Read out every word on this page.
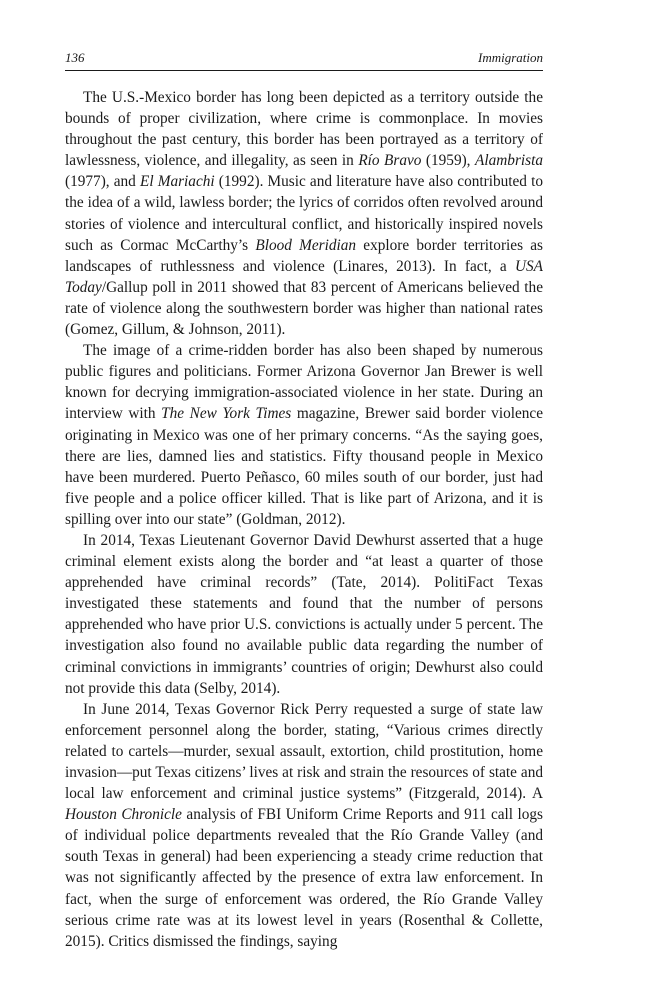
136	Immigration

The U.S.-Mexico border has long been depicted as a territory outside the bounds of proper civilization, where crime is commonplace. In movies throughout the past century, this border has been portrayed as a territory of lawlessness, violence, and illegality, as seen in Río Bravo (1959), Alambrista (1977), and El Mariachi (1992). Music and literature have also contributed to the idea of a wild, lawless border; the lyrics of corridos often revolved around stories of violence and intercultural conflict, and historically inspired novels such as Cormac McCarthy’s Blood Meridian explore border territories as landscapes of ruthlessness and violence (Linares, 2013). In fact, a USA Today/Gallup poll in 2011 showed that 83 percent of Americans believed the rate of violence along the southwestern border was higher than national rates (Gomez, Gillum, & Johnson, 2011).

The image of a crime-ridden border has also been shaped by numerous public figures and politicians. Former Arizona Governor Jan Brewer is well known for decrying immigration-associated violence in her state. During an interview with The New York Times magazine, Brewer said border violence originating in Mexico was one of her primary concerns. “As the saying goes, there are lies, damned lies and statistics. Fifty thousand people in Mexico have been murdered. Puerto Peñasco, 60 miles south of our border, just had five people and a police officer killed. That is like part of Arizona, and it is spilling over into our state” (Goldman, 2012).

In 2014, Texas Lieutenant Governor David Dewhurst asserted that a huge criminal element exists along the border and “at least a quarter of those apprehended have criminal records” (Tate, 2014). PolitiFact Texas investigated these statements and found that the number of persons apprehended who have prior U.S. convictions is actually under 5 percent. The investigation also found no available public data regarding the number of criminal convictions in immigrants’ countries of origin; Dewhurst also could not provide this data (Selby, 2014).

In June 2014, Texas Governor Rick Perry requested a surge of state law enforcement personnel along the border, stating, “Various crimes directly related to cartels—murder, sexual assault, extortion, child prostitution, home invasion—put Texas citizens’ lives at risk and strain the resources of state and local law enforcement and criminal justice systems” (Fitzgerald, 2014). A Houston Chronicle analysis of FBI Uniform Crime Reports and 911 call logs of individual police departments revealed that the Río Grande Valley (and south Texas in general) had been experiencing a steady crime reduction that was not significantly affected by the presence of extra law enforcement. In fact, when the surge of enforcement was ordered, the Río Grande Valley serious crime rate was at its lowest level in years (Rosenthal & Collette, 2015). Critics dismissed the findings, saying
